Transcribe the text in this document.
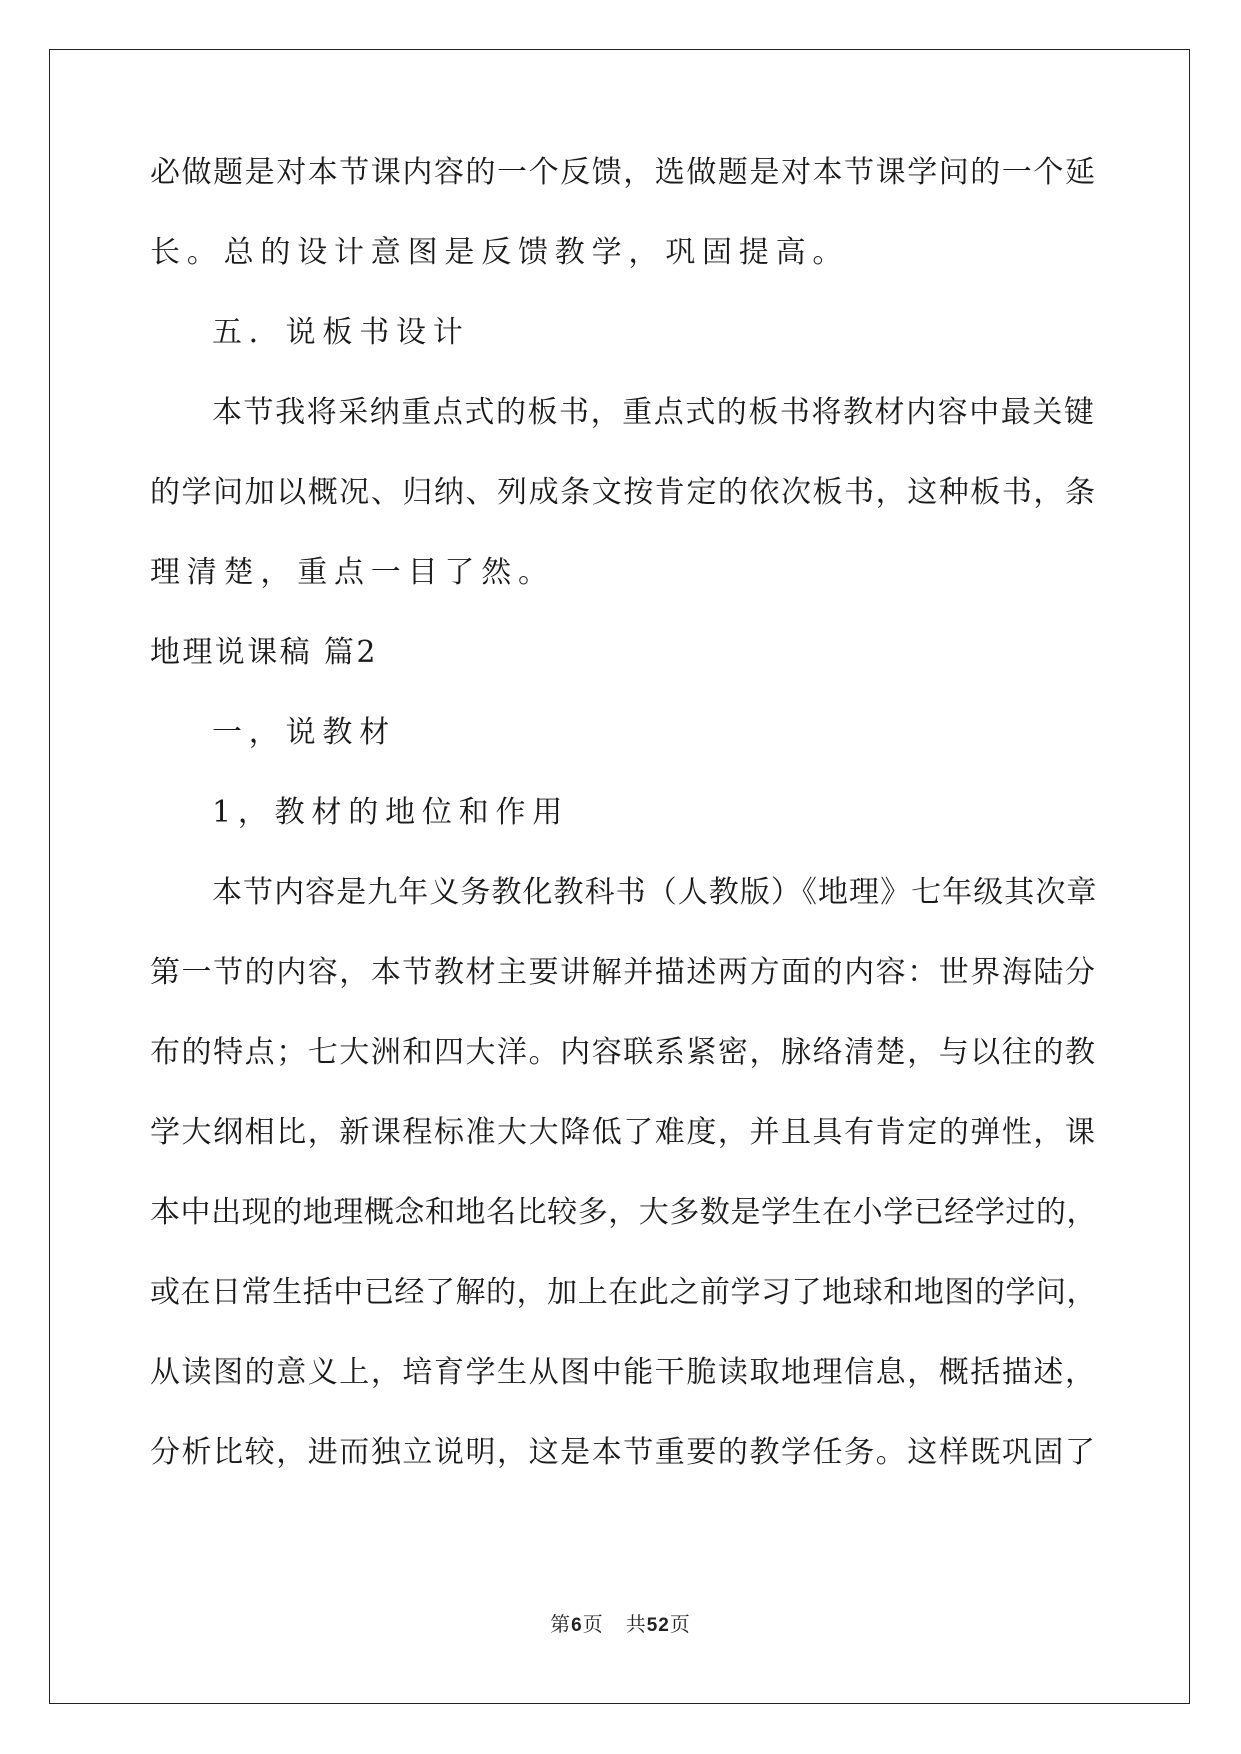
必做题是对本节课内容的一个反馈，选做题是对本节课学问的一个延
长。总的设计意图是反馈教学，巩固提高。
五．说板书设计
本节我将采纳重点式的板书，重点式的板书将教材内容中最关键
的学问加以概况、归纳、列成条文按肯定的依次板书，这种板书，条
理清楚，重点一目了然。
地理说课稿 篇2
一，说教材
1，教材的地位和作用
本节内容是九年义务教化教科书（人教版）《地理》七年级其次章
第一节的内容，本节教材主要讲解并描述两方面的内容：世界海陆分
布的特点；七大洲和四大洋。内容联系紧密，脉络清楚，与以往的教
学大纲相比，新课程标准大大降低了难度，并且具有肯定的弹性，课
本中出现的地理概念和地名比较多，大多数是学生在小学已经学过的，
或在日常生括中已经了解的，加上在此之前学习了地球和地图的学问，
从读图的意义上，培育学生从图中能干脆读取地理信息，概括描述，
分析比较，进而独立说明，这是本节重要的教学任务。这样既巩固了
第6页 共52页
